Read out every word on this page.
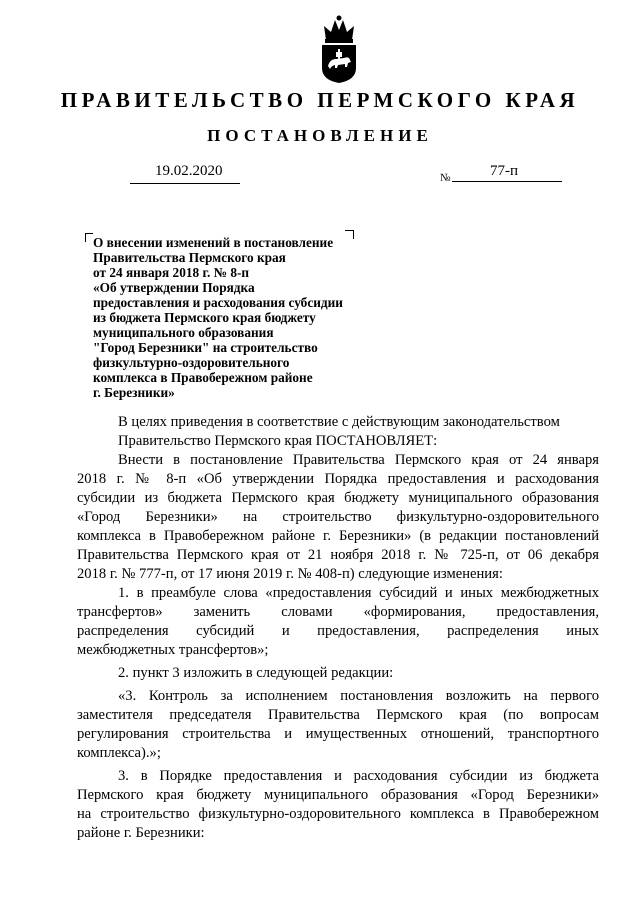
ПРАВИТЕЛЬСТВО ПЕРМСКОГО КРАЯ
ПОСТАНОВЛЕНИЕ
19.02.2020	№	77-п
О внесении изменений в постановление
Правительства Пермского края
от 24 января 2018 г. № 8-п
«Об утверждении Порядка
предоставления и расходования субсидии
из бюджета Пермского края бюджету
муниципального образования
"Город Березники" на строительство
физкультурно-оздоровительного
комплекса в Правобережном районе
г. Березники»
В целях приведения в соответствие с действующим законодательством
Правительство Пермского края ПОСТАНОВЛЯЕТ:
Внести в постановление Правительства Пермского края от 24 января
2018 г. № 8-п «Об утверждении Порядка предоставления и расходования
субсидии из бюджета Пермского края бюджету муниципального образования
«Город Березники» на строительство физкультурно-оздоровительного
комплекса в Правобережном районе г. Березники» (в редакции постановлений
Правительства Пермского края от 21 ноября 2018 г. № 725-п, от 06 декабря
2018 г. № 777-п, от 17 июня 2019 г. № 408-п) следующие изменения:
1. в преамбуле слова «предоставления субсидий и иных межбюджетных
трансфертов» заменить словами «формирования, предоставления,
распределения субсидий и предоставления, распределения иных
межбюджетных трансфертов»;
2. пункт 3 изложить в следующей редакции:
«3. Контроль за исполнением постановления возложить на первого
заместителя председателя Правительства Пермского края (по вопросам
регулирования строительства и имущественных отношений, транспортного
комплекса).»;
3. в Порядке предоставления и расходования субсидии из бюджета
Пермского края бюджету муниципального образования «Город Березники»
на строительство физкультурно-оздоровительного комплекса в Правобережном
районе г. Березники:
